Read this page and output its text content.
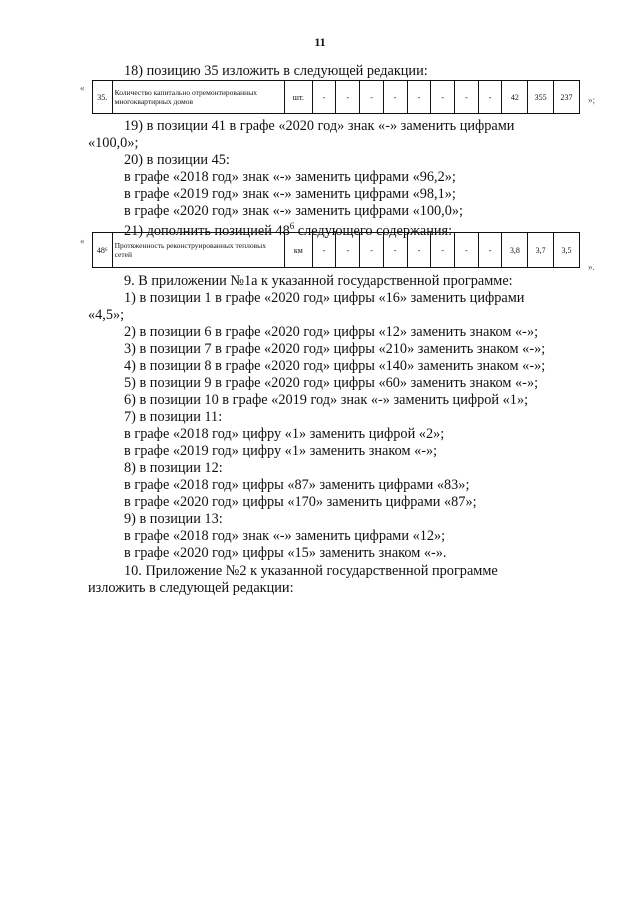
11
18) позицию 35 изложить в следующей редакции:
«
35.	Количество капитально отремонтированных многоквартирных домов	шт.	-	-	-	-	-	-	-	-	42	355	237 »;
19) в позиции 41 в графе «2020 год» знак «-» заменить цифрами
«100,0»;
20) в позиции 45:
в графе «2018 год» знак «-» заменить цифрами «96,2»;
в графе «2019 год» знак «-» заменить цифрами «98,1»;
в графе «2020 год» знак «-» заменить цифрами «100,0»;
21) дополнить позицией $48^6$ следующего содержания:
«
48⁶	Протяженность реконструированных тепловых сетей	км	-	-	-	-	-	-	-	-	3,8	3,7	3,5
».
9. В приложении №1а к указанной государственной программе:
1) в позиции 1 в графе «2020 год» цифры «16» заменить цифрами
«4,5»;
2) в позиции 6 в графе «2020 год» цифры «12» заменить знаком «-»;
3) в позиции 7 в графе «2020 год» цифры «210» заменить знаком «-»;
4) в позиции 8 в графе «2020 год» цифры «140» заменить знаком «-»;
5) в позиции 9 в графе «2020 год» цифры «60» заменить знаком «-»;
6) в позиции 10 в графе «2019 год» знак «-» заменить цифрой «1»;
7) в позиции 11:
в графе «2018 год» цифру «1» заменить цифрой «2»;
в графе «2019 год» цифру «1» заменить знаком «-»;
8) в позиции 12:
в графе «2018 год» цифры «87» заменить цифрами «83»;
в графе «2020 год» цифры «170» заменить цифрами «87»;
9) в позиции 13:
в графе «2018 год» знак «-» заменить цифрами «12»;
в графе «2020 год» цифры «15» заменить знаком «-».
10. Приложение №2 к указанной государственной программе
изложить в следующей редакции:
